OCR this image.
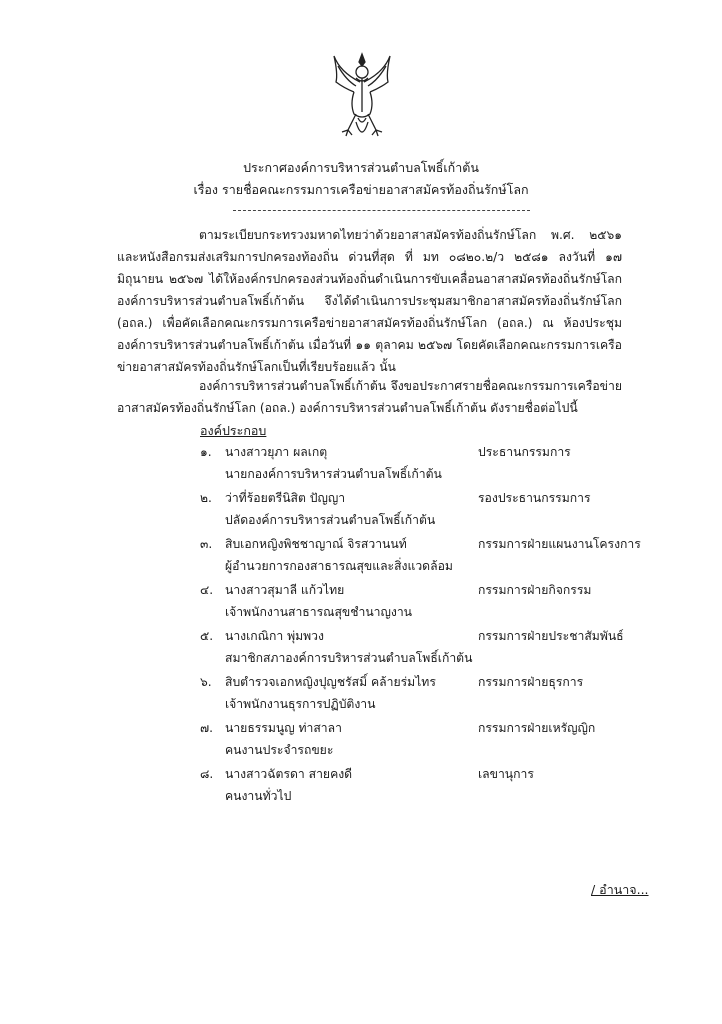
ประกาศองค์การบริหารส่วนตำบลโพธิ์เก้าต้น
เรื่อง รายชื่อคณะกรรมการเครือข่ายอาสาสมัครท้องถิ่นรักษ์โลก
ตามระเบียบกระทรวงมหาดไทยว่าด้วยอาสาสมัครท้องถิ่นรักษ์โลก พ.ศ. ๒๕๖๑ และหนังสือกรมส่งเสริมการปกครองท้องถิ่น ด่วนที่สุด ที่ มท ๐๘๒๐.๒/ว ๒๕๘๑ ลงวันที่ ๑๗ มิถุนายน ๒๕๖๗ ได้ให้องค์กรปกครองส่วนท้องถิ่นดำเนินการขับเคลื่อนอาสาสมัครท้องถิ่นรักษ์โลก องค์การบริหารส่วนตำบลโพธิ์เก้าต้น จึงได้ดำเนินการประชุมสมาชิกอาสาสมัครท้องถิ่นรักษ์โลก (อถล.) เพื่อคัดเลือกคณะกรรมการเครือข่ายอาสาสมัครท้องถิ่นรักษ์โลก (อถล.) ณ ห้องประชุมองค์การบริหารส่วนตำบลโพธิ์เก้าต้น เมื่อวันที่ ๑๑ ตุลาคม ๒๕๖๗ โดยคัดเลือกคณะกรรมการเครือข่ายอาสาสมัครท้องถิ่นรักษ์โลกเป็นที่เรียบร้อยแล้ว นั้น
องค์การบริหารส่วนตำบลโพธิ์เก้าต้น จึงขอประกาศรายชื่อคณะกรรมการเครือข่ายอาสาสมัครท้องถิ่นรักษ์โลก (อถล.) องค์การบริหารส่วนตำบลโพธิ์เก้าต้น ดังรายชื่อต่อไปนี้
องค์ประกอบ
๑. นางสาวยุภา ผลเกตุ
นายกองค์การบริหารส่วนตำบลโพธิ์เก้าต้น
ประธานกรรมการ
๒. ว่าที่ร้อยตรีนิสิต ปัญญา
ปลัดองค์การบริหารส่วนตำบลโพธิ์เก้าต้น
รองประธานกรรมการ
๓. สิบเอกหญิงพิชชาญาณ์ จิรสวานนท์
ผู้อำนวยการกองสาธารณสุขและสิ่งแวดล้อม
กรรมการฝ่ายแผนงานโครงการ
๔. นางสาวสุมาลี แก้วไทย
เจ้าพนักงานสาธารณสุขชำนาญงาน
กรรมการฝ่ายกิจกรรม
๕. นางเกณิกา พุ่มพวง
สมาชิกสภาองค์การบริหารส่วนตำบลโพธิ์เก้าต้น
กรรมการฝ่ายประชาสัมพันธ์
๖. สิบตำรวจเอกหญิงปุญชรัสมิ์ คล้ายร่มไทร
เจ้าพนักงานธุรการปฏิบัติงาน
กรรมการฝ่ายธุรการ
๗. นายธรรมนูญ ท่าสาลา
คนงานประจำรถขยะ
กรรมการฝ่ายเหรัญญิก
๘. นางสาวฉัตรดา สายคงดี
คนงานทั่วไป
เลขานุการ
/ อำนาจ...
